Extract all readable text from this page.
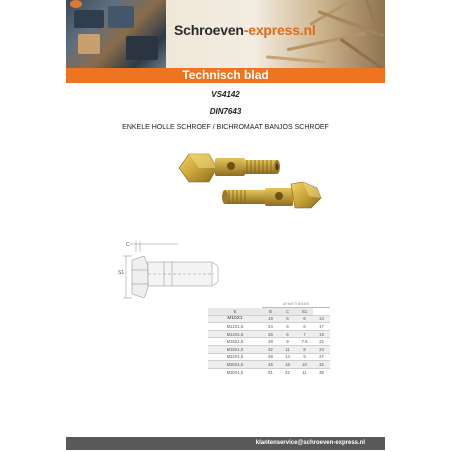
Schroeven-express.nl
Technisch blad
VS4142
DIN7643
ENKELE HOLLE SCHROEF / BICHROMAAT BANJOS SCHROEF
C
S1
		AFMETINGEN			
	E	B	C	S1	
	M10X1	19	5	6	14
	M12X1,5	24	6	6	17
	M14X1,5	26	6	7	19
	M16X1,5	28	9	7.5	22
	M18X1,5	32	11	8	24
	M22X1,5	38	14	9	27
	M26X1,5	45	18	10	32
	M30X1,5	51	22	11	38
klantenservice@schroeven-express.nl
